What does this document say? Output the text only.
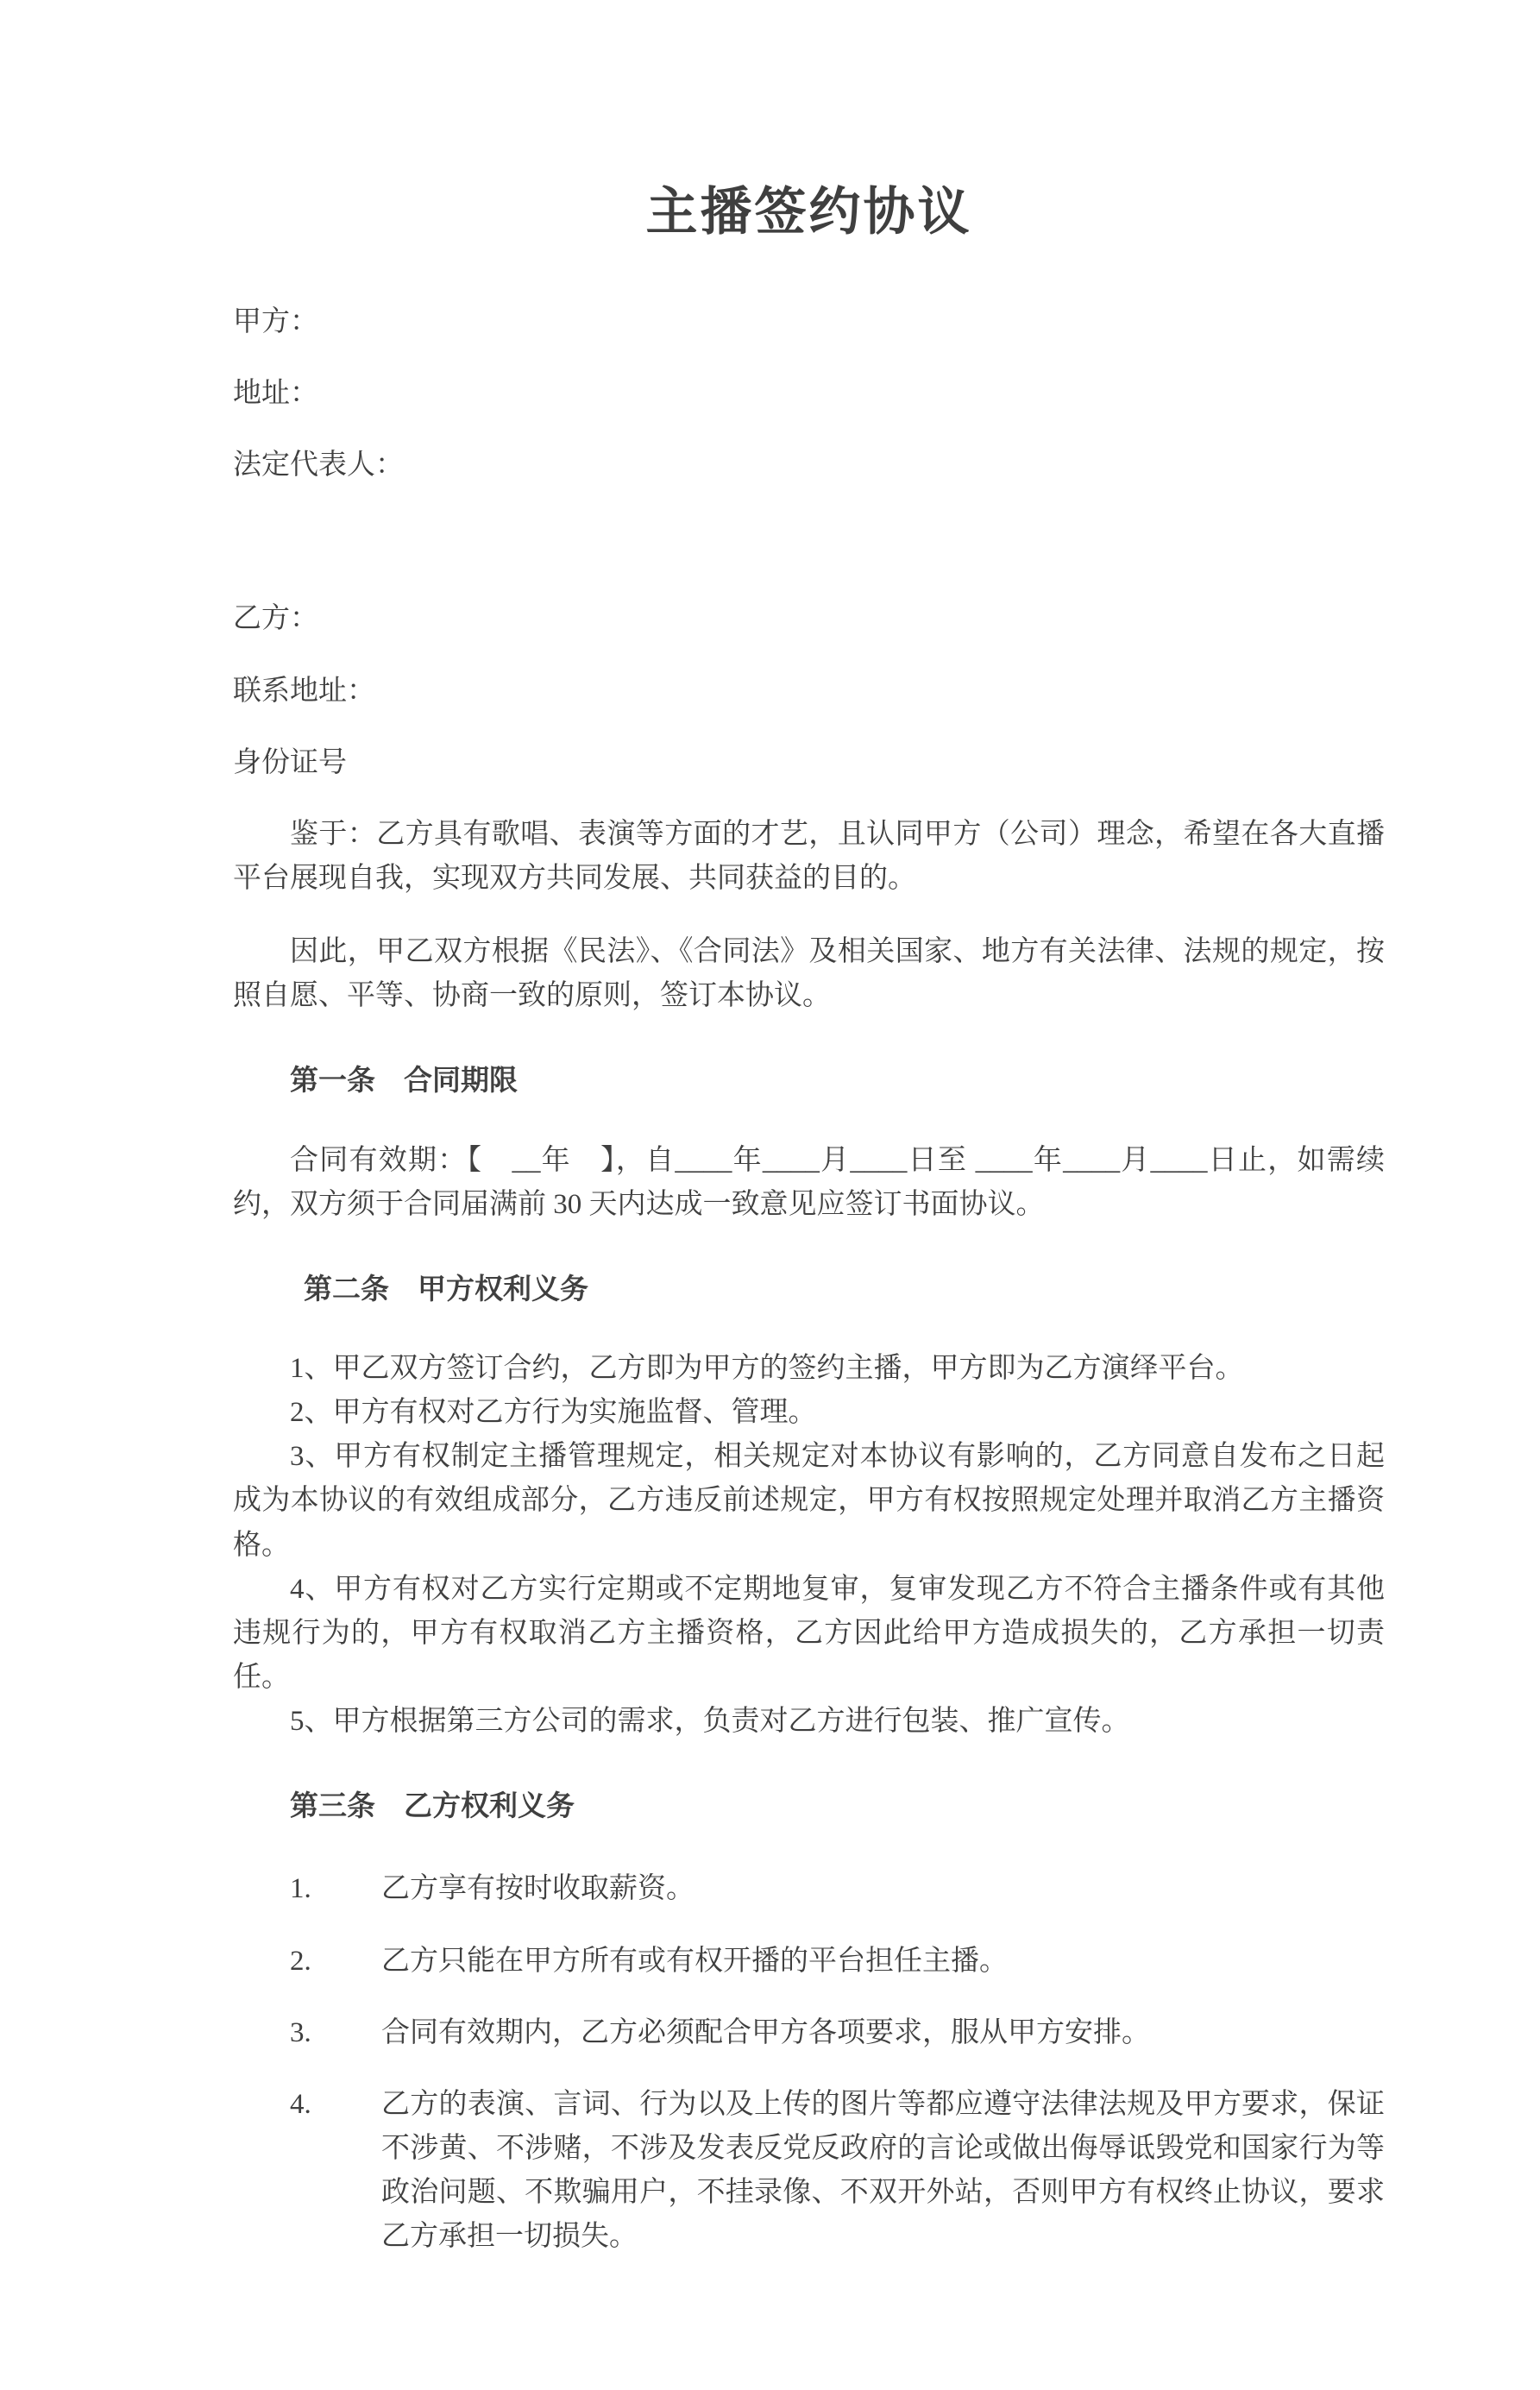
主播签约协议

甲方：

地址：

法定代表人：

乙方：

联系地址：

身份证号

鉴于：乙方具有歌唱、表演等方面的才艺，且认同甲方（公司）理念，希望在各大直播平台展现自我，实现双方共同发展、共同获益的目的。

因此，甲乙双方根据《民法》、《合同法》及相关国家、地方有关法律、法规的规定，按照自愿、平等、协商一致的原则，签订本协议。

第一条　合同期限

合同有效期：【　__年　】，自____年____月____日至 ____年____月____日止，如需续约，双方须于合同届满前 30 天内达成一致意见应签订书面协议。

第二条　甲方权利义务

1、甲乙双方签订合约，乙方即为甲方的签约主播，甲方即为乙方演绎平台。

2、甲方有权对乙方行为实施监督、管理。

3、甲方有权制定主播管理规定，相关规定对本协议有影响的，乙方同意自发布之日起成为本协议的有效组成部分，乙方违反前述规定，甲方有权按照规定处理并取消乙方主播资格。

4、甲方有权对乙方实行定期或不定期地复审，复审发现乙方不符合主播条件或有其他违规行为的，甲方有权取消乙方主播资格，乙方因此给甲方造成损失的，乙方承担一切责任。

5、甲方根据第三方公司的需求，负责对乙方进行包装、推广宣传。

第三条　乙方权利义务
1. 乙方享有按时收取薪资。
2. 乙方只能在甲方所有或有权开播的平台担任主播。
3. 合同有效期内，乙方必须配合甲方各项要求，服从甲方安排。
4. 乙方的表演、言词、行为以及上传的图片等都应遵守法律法规及甲方要求，保证不涉黄、不涉赌，不涉及发表反党反政府的言论或做出侮辱诋毁党和国家行为等政治问题、不欺骗用户，不挂录像、不双开外站，否则甲方有权终止协议，要求乙方承担一切损失。
